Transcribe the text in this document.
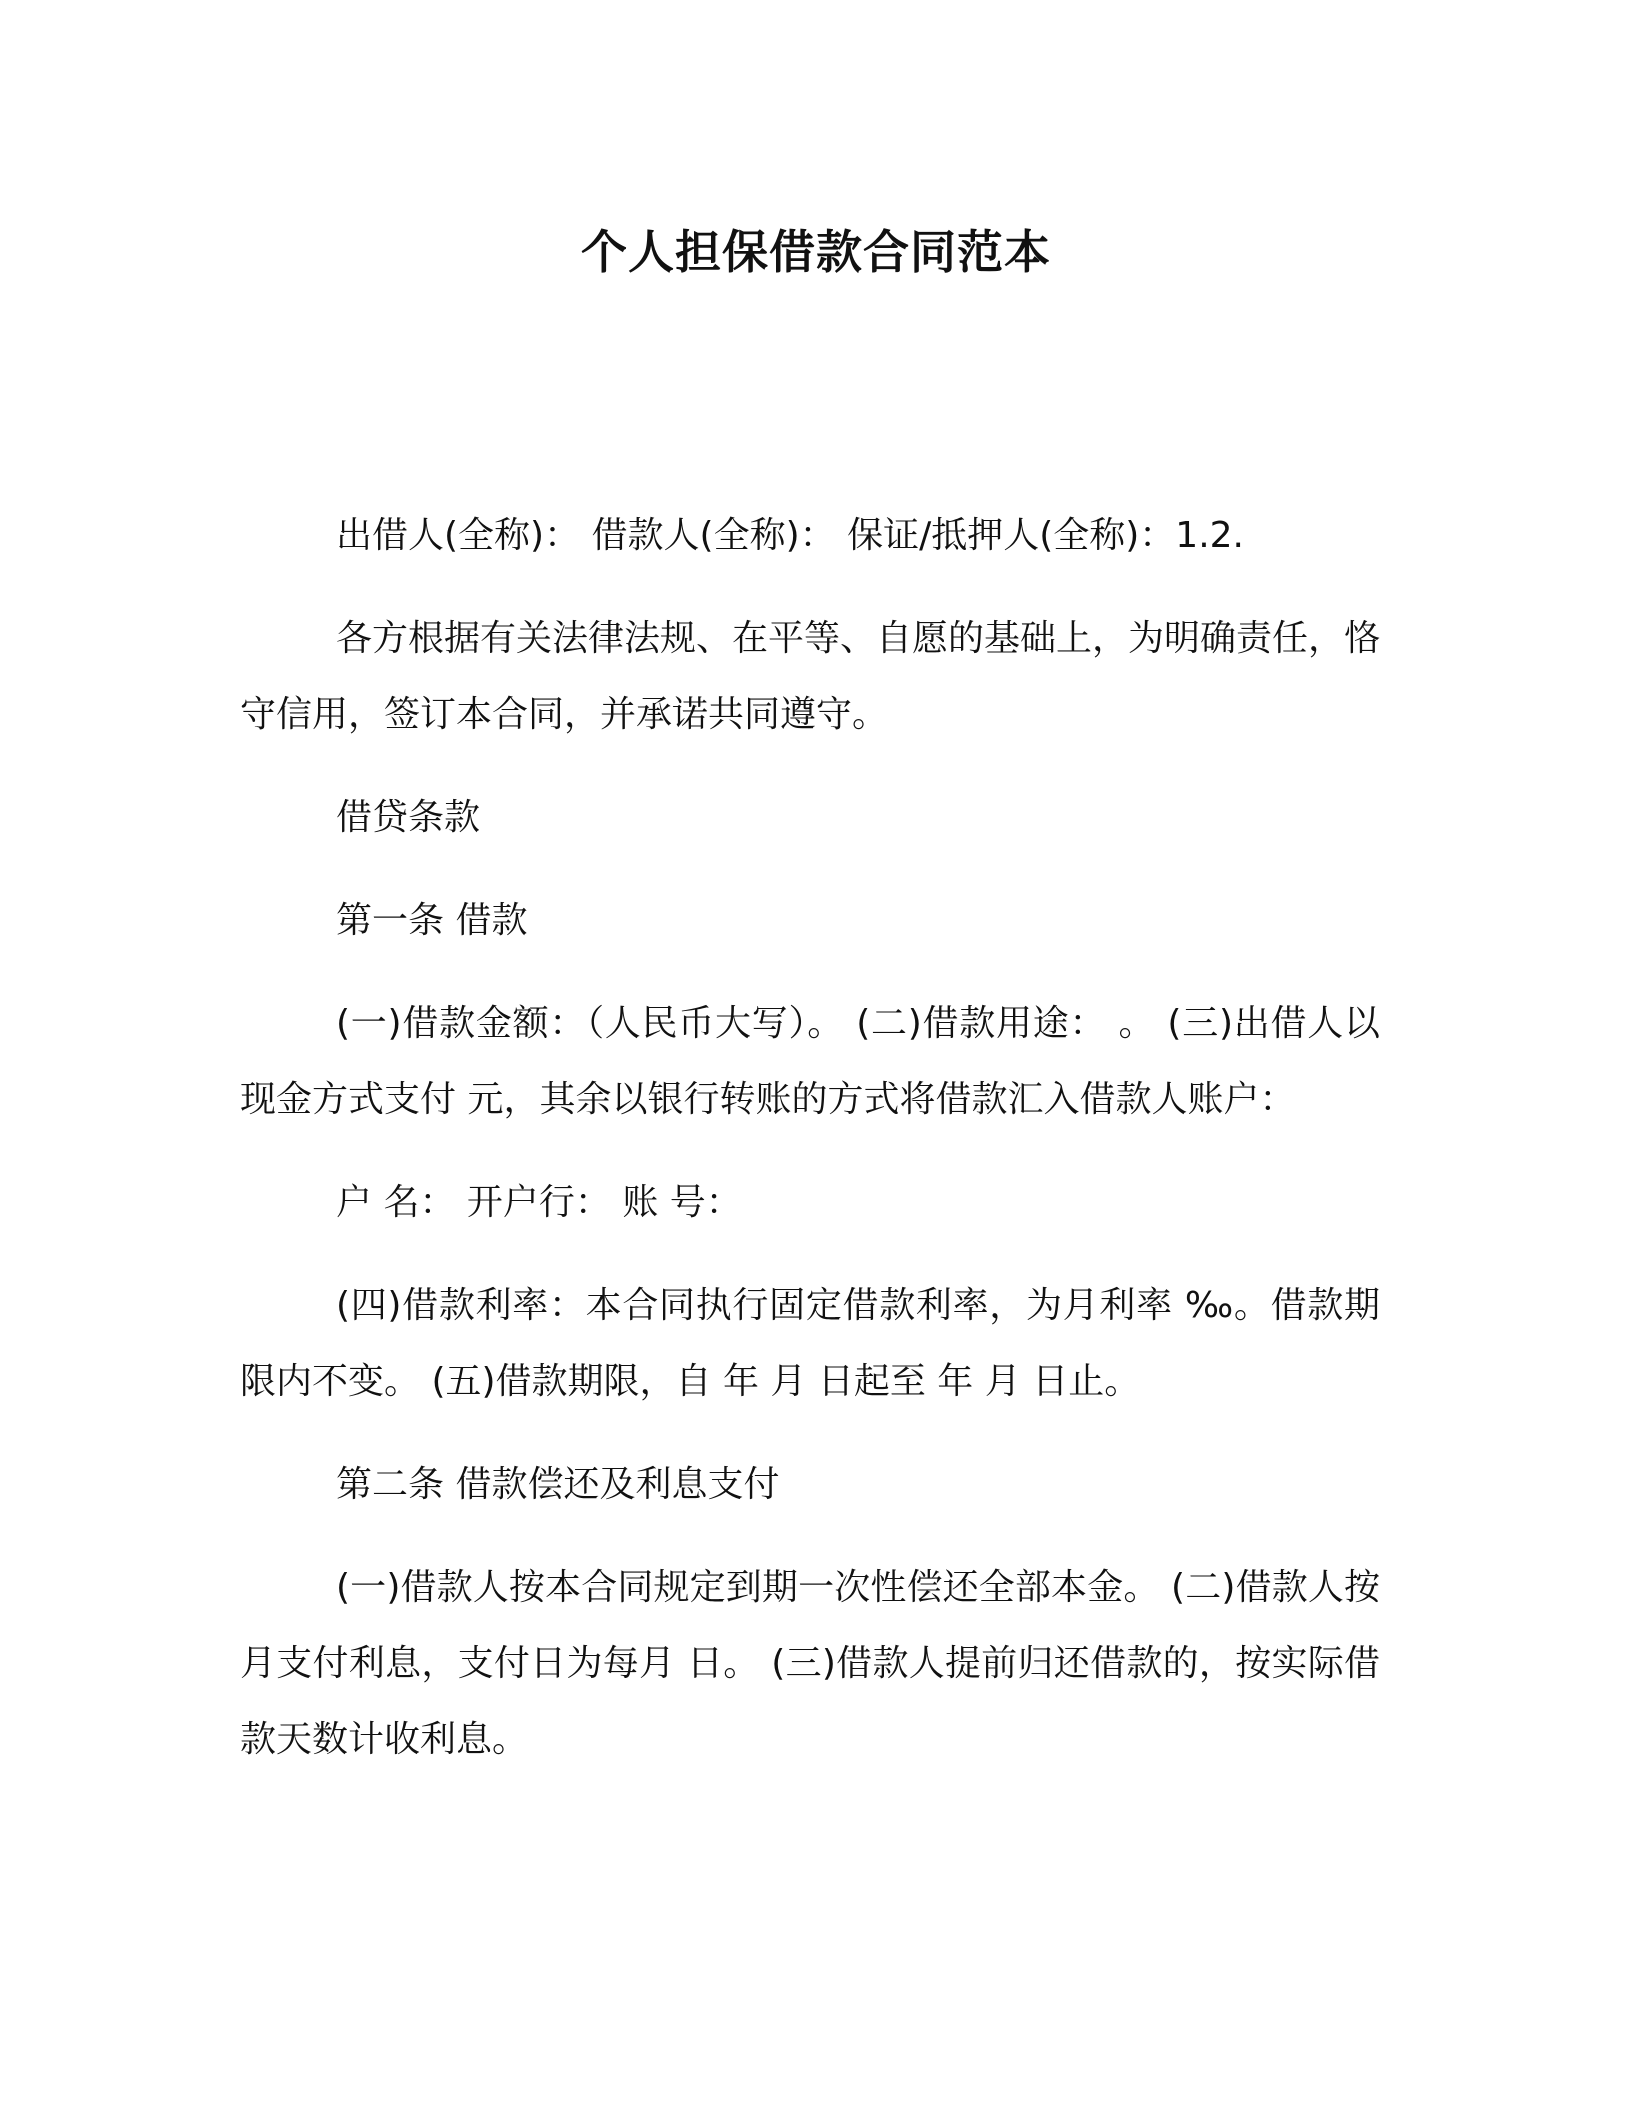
个人担保借款合同范本

出借人(全称)： 借款人(全称)： 保证/抵押人(全称)：1.2.

各方根据有关法律法规、在平等、自愿的基础上，为明确责任，恪守信用，签订本合同，并承诺共同遵守。

借贷条款

第一条 借款

(一)借款金额：（人民币大写）。 (二)借款用途： 。 (三)出借人以现金方式支付 元，其余以银行转账的方式将借款汇入借款人账户：

户 名： 开户行： 账 号：

(四)借款利率：本合同执行固定借款利率，为月利率 ‰。借款期限内不变。 (五)借款期限，自 年 月 日起至 年 月 日止。

第二条 借款偿还及利息支付

(一)借款人按本合同规定到期一次性偿还全部本金。 (二)借款人按月支付利息，支付日为每月 日。 (三)借款人提前归还借款的，按实际借款天数计收利息。
